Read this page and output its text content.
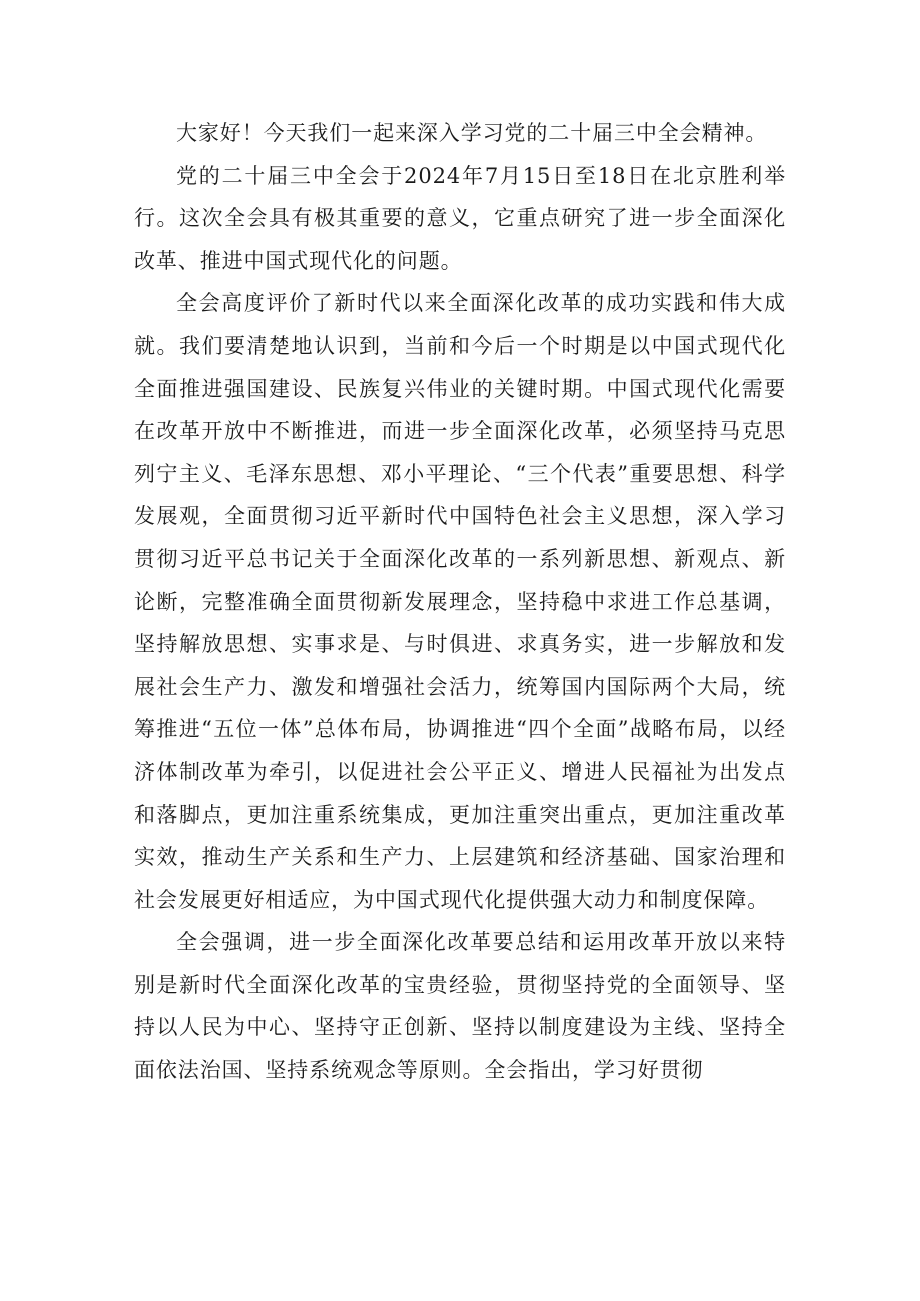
大家好！今天我们一起来深入学习党的二十届三中全会精神。

党的二十届三中全会于2024年7月15日至18日在北京胜利举行。这次全会具有极其重要的意义，它重点研究了进一步全面深化改革、推进中国式现代化的问题。

全会高度评价了新时代以来全面深化改革的成功实践和伟大成就。我们要清楚地认识到，当前和今后一个时期是以中国式现代化全面推进强国建设、民族复兴伟业的关键时期。中国式现代化需要在改革开放中不断推进，而进一步全面深化改革，必须坚持马克思列宁主义、毛泽东思想、邓小平理论、“三个代表”重要思想、科学发展观，全面贯彻习近平新时代中国特色社会主义思想，深入学习贯彻习近平总书记关于全面深化改革的一系列新思想、新观点、新论断，完整准确全面贯彻新发展理念，坚持稳中求进工作总基调，坚持解放思想、实事求是、与时俱进、求真务实，进一步解放和发展社会生产力、激发和增强社会活力，统筹国内国际两个大局，统筹推进“五位一体”总体布局，协调推进“四个全面”战略布局，以经济体制改革为牵引，以促进社会公平正义、增进人民福祉为出发点和落脚点，更加注重系统集成，更加注重突出重点，更加注重改革实效，推动生产关系和生产力、上层建筑和经济基础、国家治理和社会发展更好相适应，为中国式现代化提供强大动力和制度保障。

全会强调，进一步全面深化改革要总结和运用改革开放以来特别是新时代全面深化改革的宝贵经验，贯彻坚持党的全面领导、坚持以人民为中心、坚持守正创新、坚持以制度建设为主线、坚持全面依法治国、坚持系统观念等原则。全会指出，学习好贯彻
